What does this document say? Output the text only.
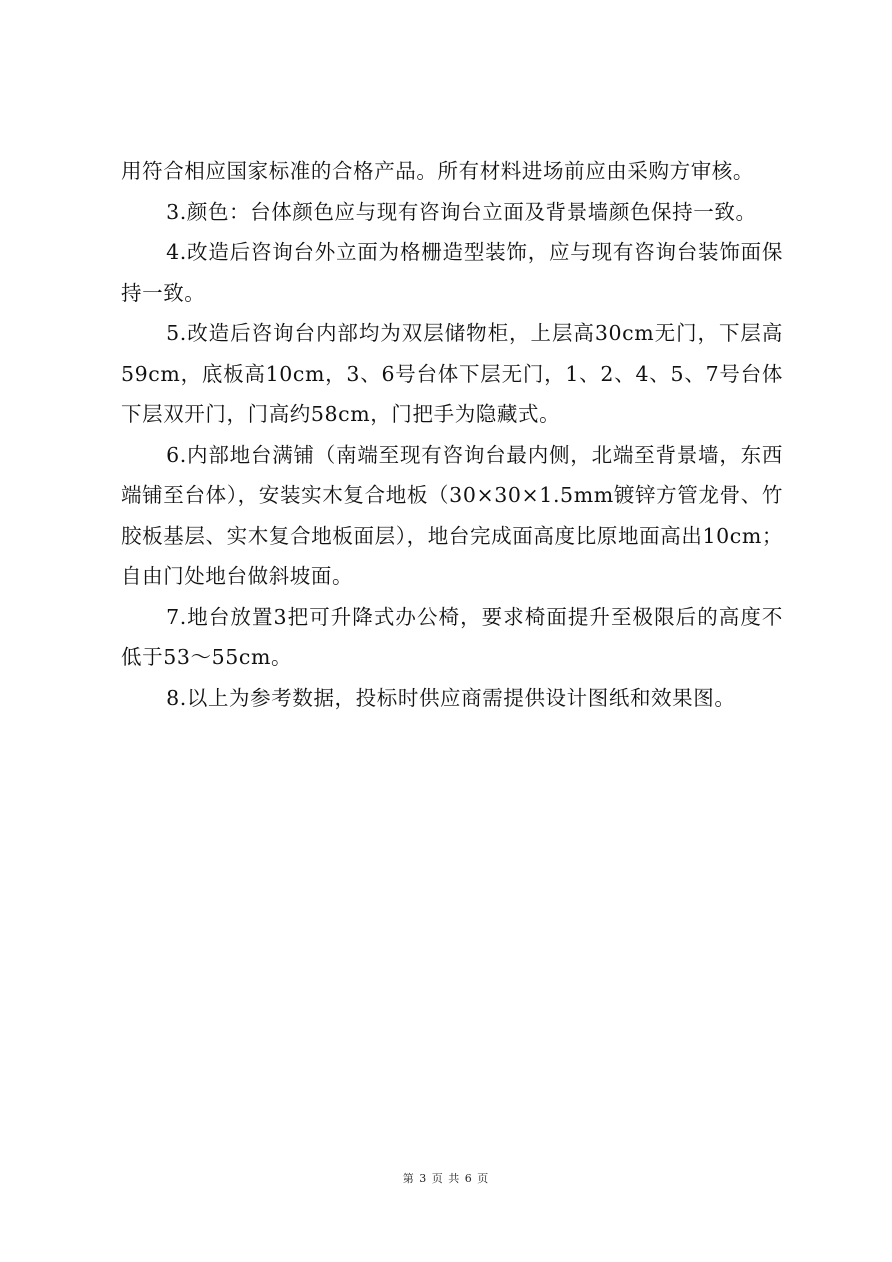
用符合相应国家标准的合格产品。所有材料进场前应由采购方审核。

3.颜色：台体颜色应与现有咨询台立面及背景墙颜色保持一致。

4.改造后咨询台外立面为格栅造型装饰，应与现有咨询台装饰面保持一致。

5.改造后咨询台内部均为双层储物柜，上层高30cm无门，下层高59cm，底板高10cm，3、6号台体下层无门，1、2、4、5、7号台体下层双开门，门高约58cm，门把手为隐藏式。

6.内部地台满铺（南端至现有咨询台最内侧，北端至背景墙，东西端铺至台体），安装实木复合地板（30×30×1.5mm镀锌方管龙骨、竹胶板基层、实木复合地板面层），地台完成面高度比原地面高出10cm；自由门处地台做斜坡面。

7.地台放置3把可升降式办公椅，要求椅面提升至极限后的高度不低于53～55cm。

8.以上为参考数据，投标时供应商需提供设计图纸和效果图。

第 3 页 共 6 页
